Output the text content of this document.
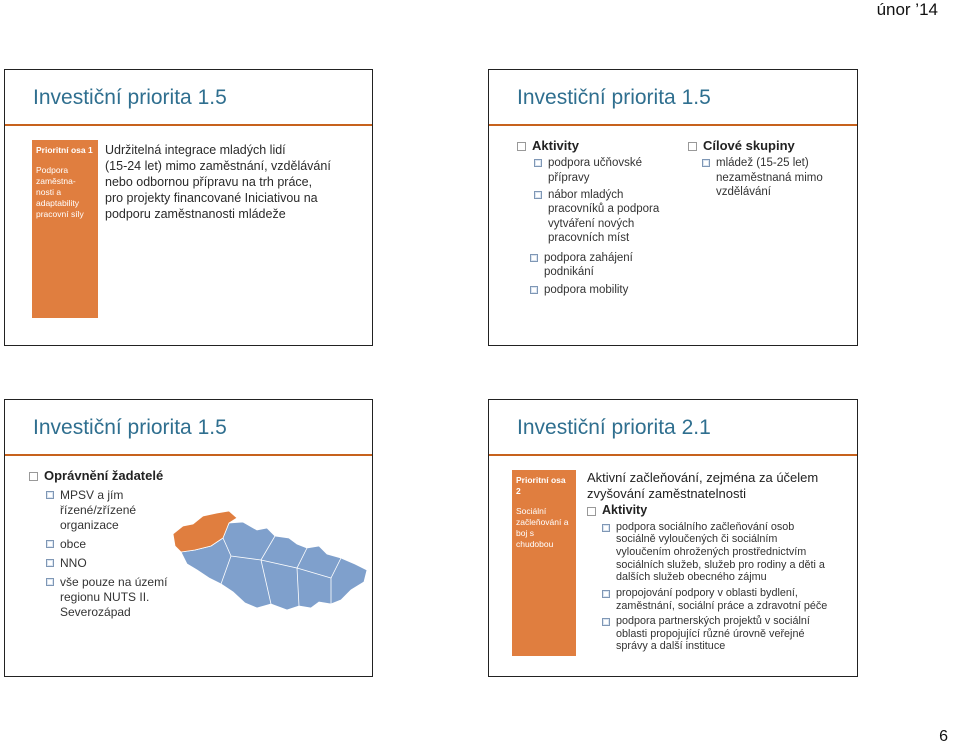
únor ’14
Investiční priorita 1.5
Prioritní osa 1
Podpora
zaměstna-
nosti a
adaptability
pracovní síly
Udržitelná integrace mladých lidí
(15-24 let) mimo zaměstnání, vzdělávání
nebo odbornou přípravu na trh práce,
pro projekty financované Iniciativou na
podporu zaměstnanosti mládeže
Investiční priorita 1.5
Aktivity
podpora učňovské
přípravy
nábor mladých
pracovníků a podpora
vytváření nových
pracovních míst
podpora zahájení
podnikání
podpora mobility
Cílové skupiny
mládež (15-25 let)
nezaměstnaná mimo
vzdělávání
Investiční priorita 1.5
Oprávnění žadatelé
MPSV a jím
řízené/zřízené
organizace
obce
NNO
vše pouze na území
regionu NUTS II.
Severozápad
Investiční priorita 2.1
Prioritní osa 2
Sociální
začleňování a
boj s
chudobou
Aktivní začleňování, zejména za účelem
zvyšování zaměstnatelnosti
Aktivity
podpora sociálního začleňování osob
sociálně vyloučených či sociálním
vyloučením ohrožených prostřednictvím
sociálních služeb, služeb pro rodiny a děti a
dalších služeb obecného zájmu
propojování podpory v oblasti bydlení,
zaměstnání, sociální práce a zdravotní péče
podpora partnerských projektů v sociální
oblasti propojující různé úrovně veřejné
správy a další instituce
6
